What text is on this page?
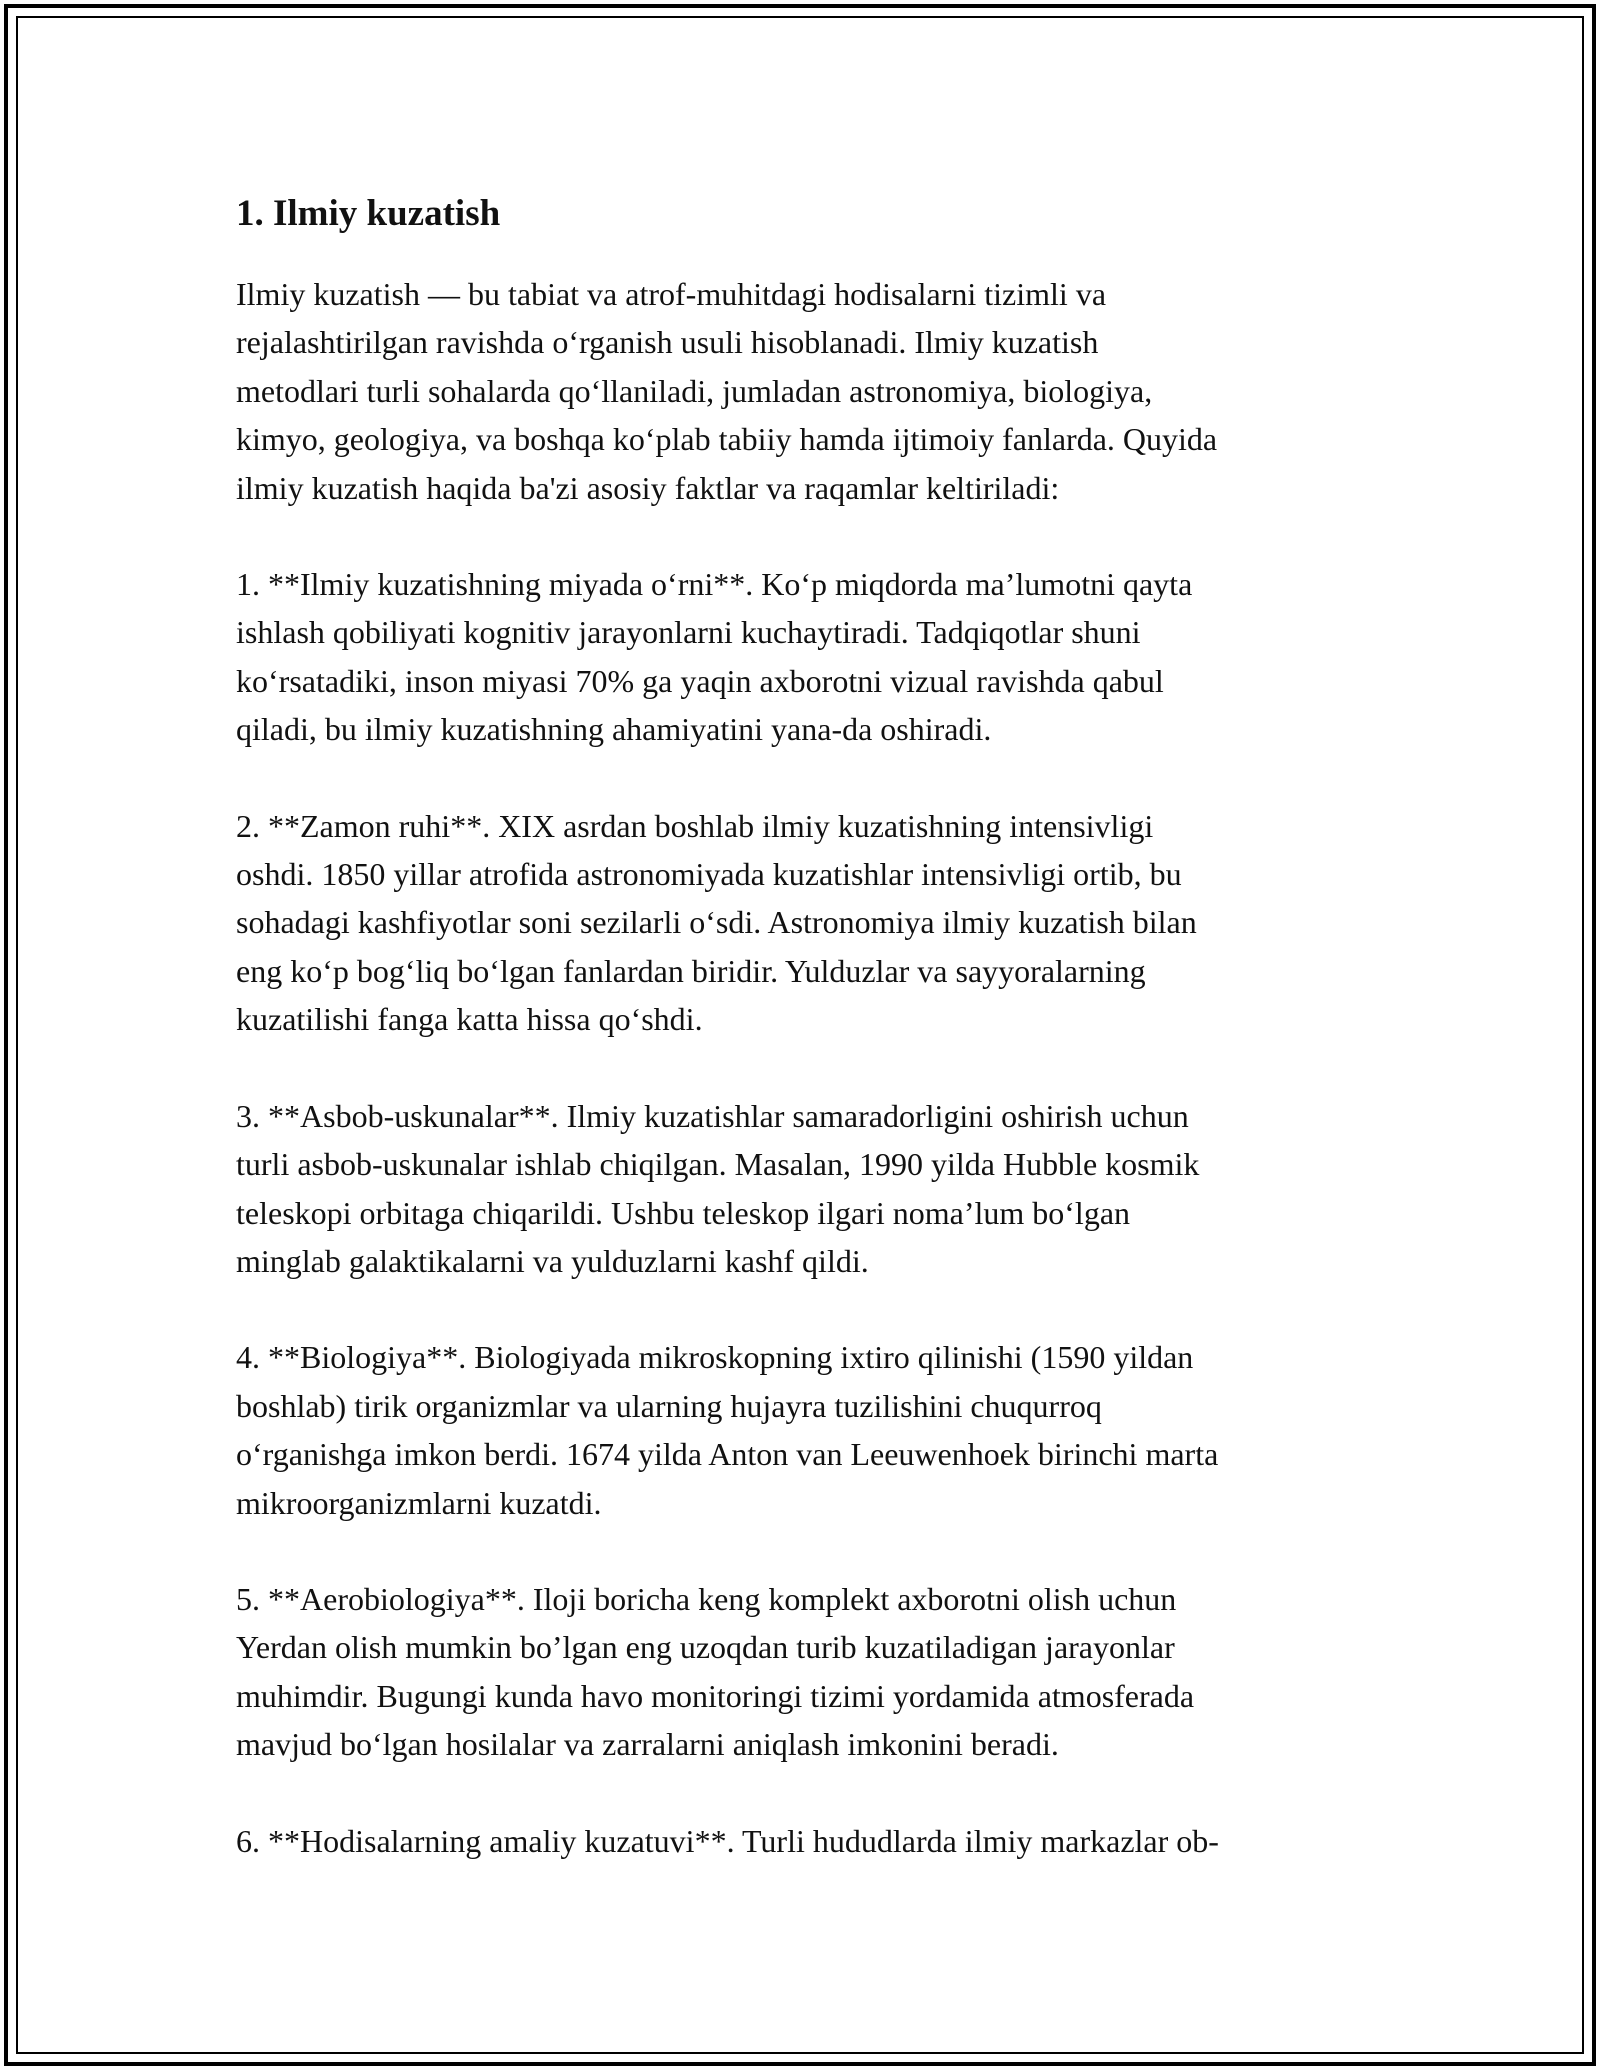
1. Ilmiy kuzatish

Ilmiy kuzatish — bu tabiat va atrof-muhitdagi hodisalarni tizimli va
rejalashtirilgan ravishda o‘rganish usuli hisoblanadi. Ilmiy kuzatish
metodlari turli sohalarda qo‘llaniladi, jumladan astronomiya, biologiya,
kimyo, geologiya, va boshqa ko‘plab tabiiy hamda ijtimoiy fanlarda. Quyida
ilmiy kuzatish haqida ba'zi asosiy faktlar va raqamlar keltiriladi:

1. **Ilmiy kuzatishning miyada o‘rni**. Ko‘p miqdorda ma’lumotni qayta
ishlash qobiliyati kognitiv jarayonlarni kuchaytiradi. Tadqiqotlar shuni
ko‘rsatadiki, inson miyasi 70% ga yaqin axborotni vizual ravishda qabul
qiladi, bu ilmiy kuzatishning ahamiyatini yana-da oshiradi.

2. **Zamon ruhi**. XIX asrdan boshlab ilmiy kuzatishning intensivligi
oshdi. 1850 yillar atrofida astronomiyada kuzatishlar intensivligi ortib, bu
sohadagi kashfiyotlar soni sezilarli o‘sdi. Astronomiya ilmiy kuzatish bilan
eng ko‘p bog‘liq bo‘lgan fanlardan biridir. Yulduzlar va sayyoralarning
kuzatilishi fanga katta hissa qo‘shdi.

3. **Asbob-uskunalar**. Ilmiy kuzatishlar samaradorligini oshirish uchun
turli asbob-uskunalar ishlab chiqilgan. Masalan, 1990 yilda Hubble kosmik
teleskopi orbitaga chiqarildi. Ushbu teleskop ilgari noma’lum bo‘lgan
minglab galaktikalarni va yulduzlarni kashf qildi.

4. **Biologiya**. Biologiyada mikroskopning ixtiro qilinishi (1590 yildan
boshlab) tirik organizmlar va ularning hujayra tuzilishini chuqurroq
o‘rganishga imkon berdi. 1674 yilda Anton van Leeuwenhoek birinchi marta
mikroorganizmlarni kuzatdi.

5. **Aerobiologiya**. Iloji boricha keng komplekt axborotni olish uchun
Yerdan olish mumkin bo’lgan eng uzoqdan turib kuzatiladigan jarayonlar
muhimdir. Bugungi kunda havo monitoringi tizimi yordamida atmosferada
mavjud bo‘lgan hosilalar va zarralarni aniqlash imkonini beradi.

6. **Hodisalarning amaliy kuzatuvi**. Turli hududlarda ilmiy markazlar ob-
